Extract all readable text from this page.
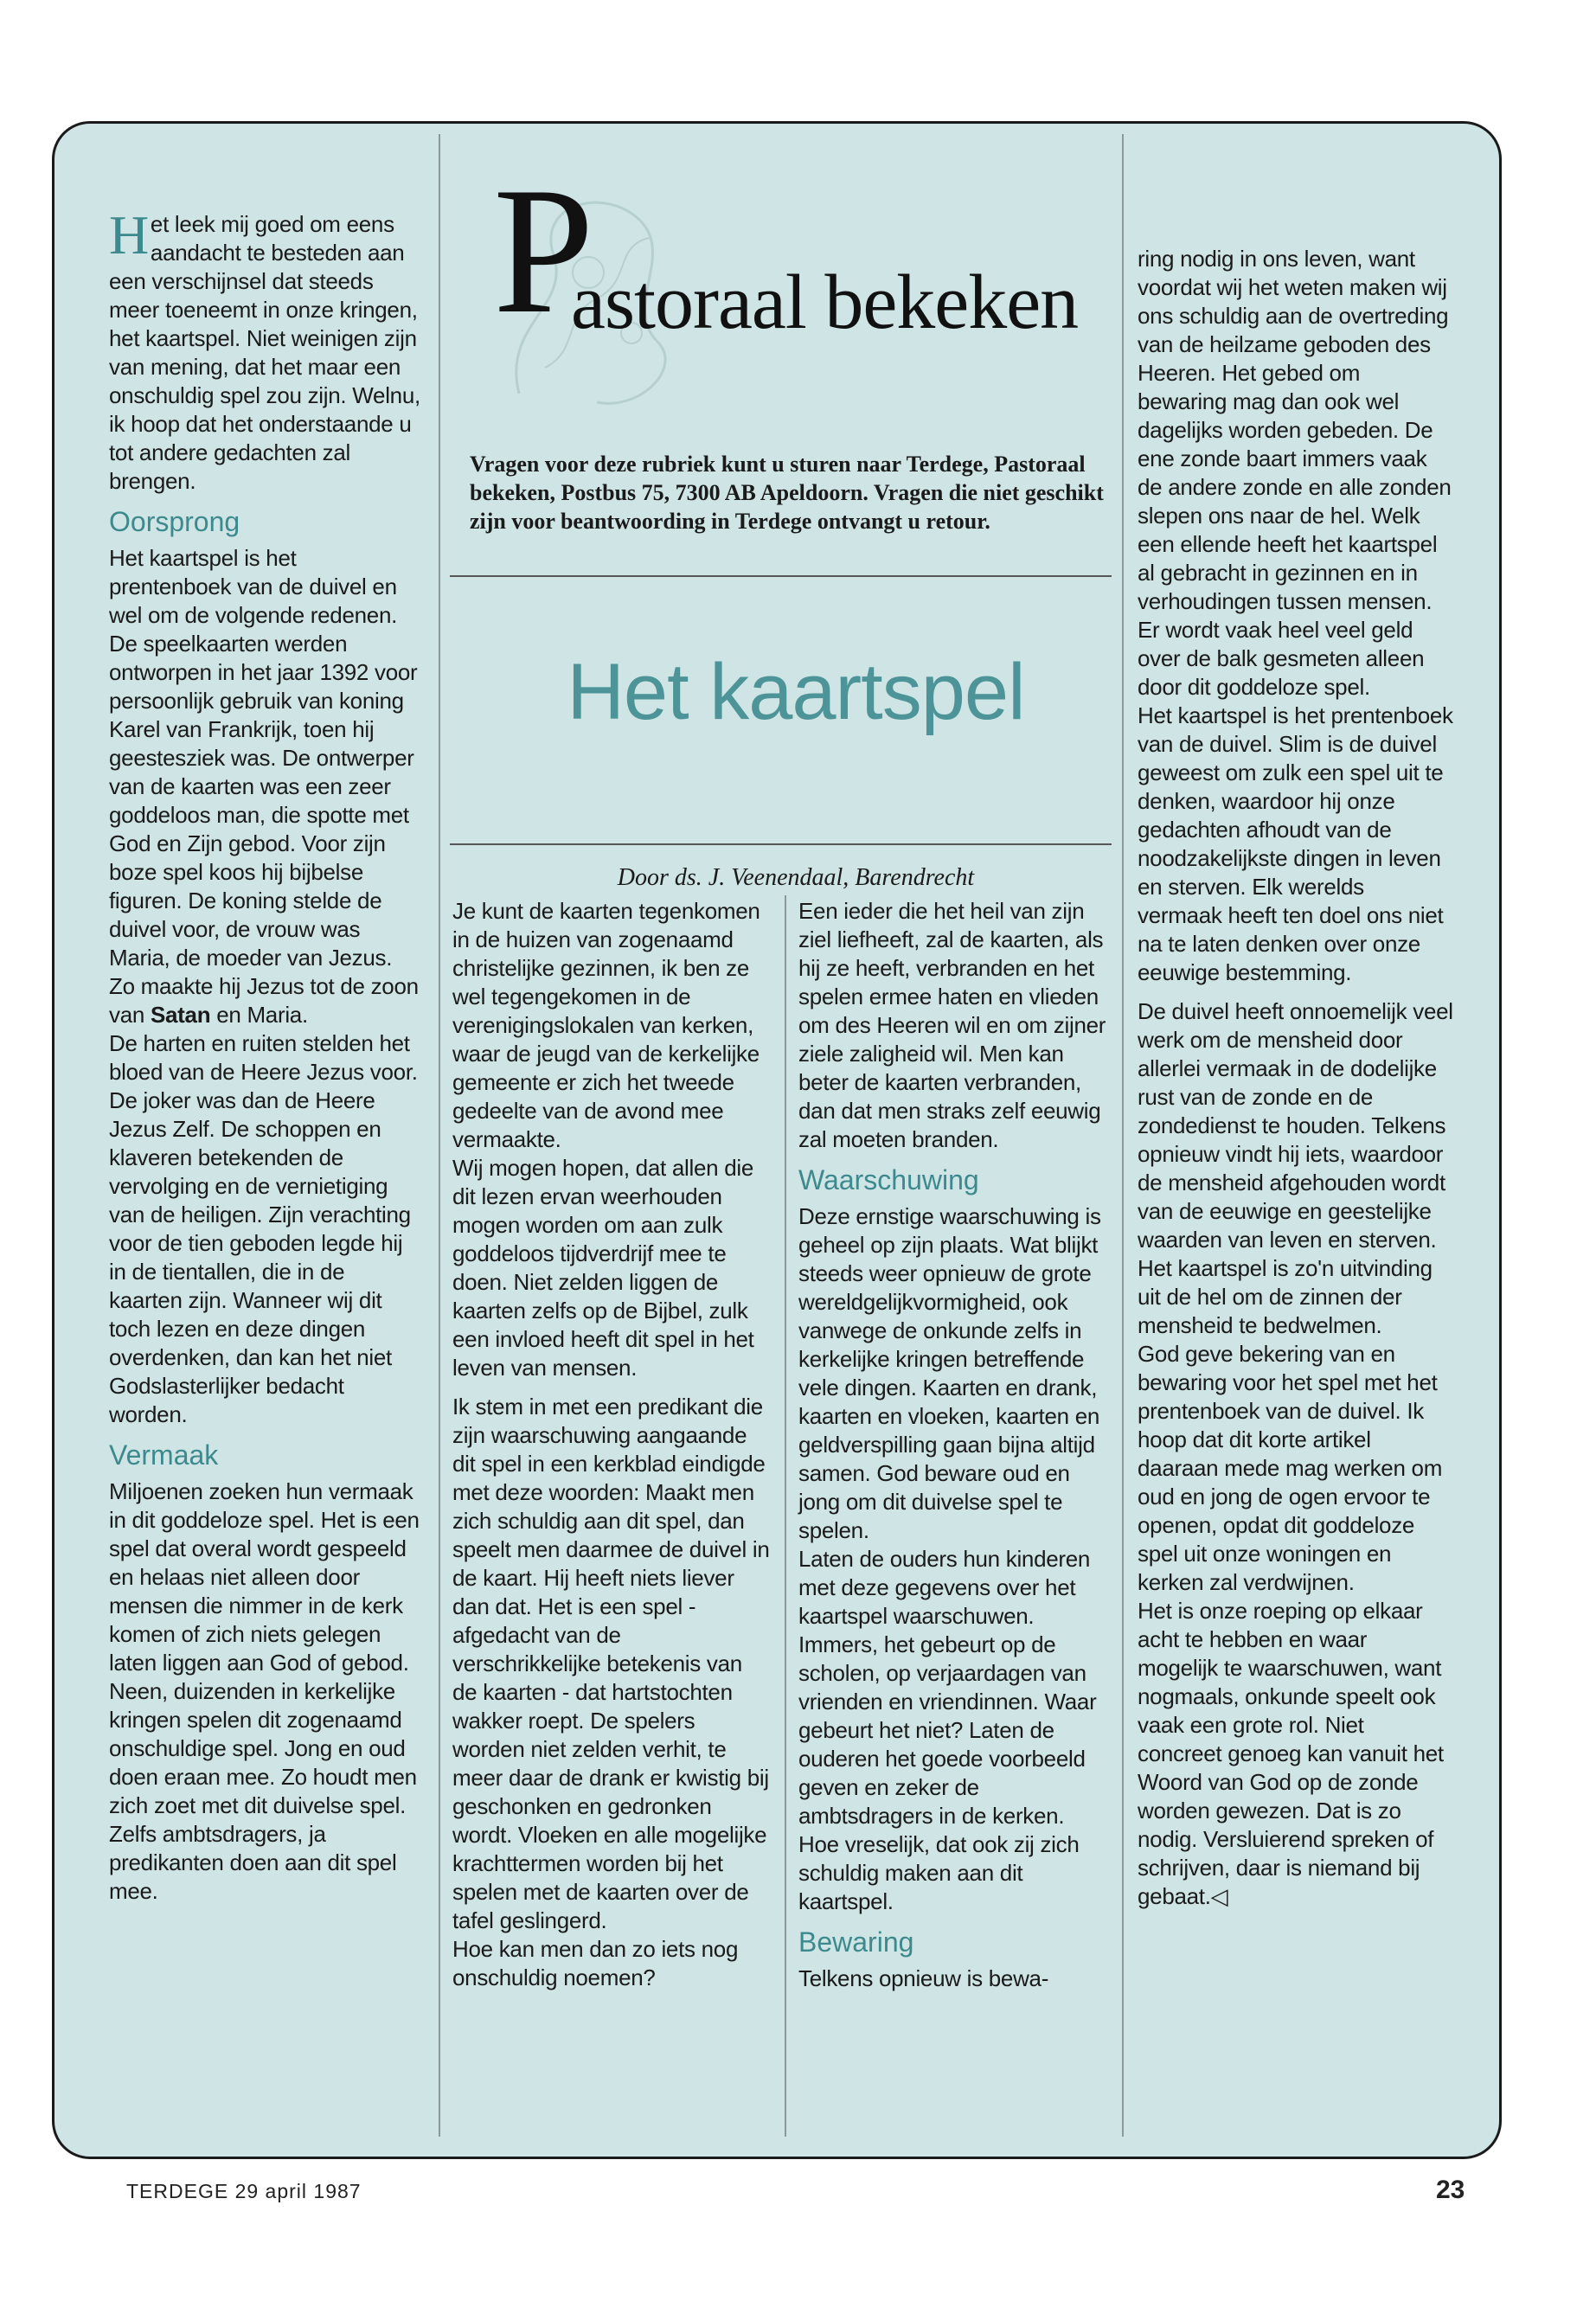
P
astoraal bekeken
Vragen voor deze rubriek kunt u sturen naar Terdege, Pastoraal bekeken, Postbus 75, 7300 AB Apeldoorn. Vragen die niet geschikt zijn voor beantwoording in Terdege ontvangt u retour.
Het kaartspel
Door ds. J. Veenendaal, Barendrecht

Het leek mij goed om eens aandacht te besteden aan een verschijnsel dat steeds meer toeneemt in onze kringen, het kaartspel. Niet weinigen zijn van mening, dat het maar een onschuldig spel zou zijn. Welnu, ik hoop dat het onderstaande u tot andere gedachten zal brengen.

Oorsprong

Het kaartspel is het prentenboek van de duivel en wel om de volgende redenen. De speelkaarten werden ontworpen in het jaar 1392 voor persoonlijk gebruik van koning Karel van Frankrijk, toen hij geestesziek was. De ontwerper van de kaarten was een zeer goddeloos man, die spotte met God en Zijn gebod. Voor zijn boze spel koos hij bijbelse figuren. De koning stelde de duivel voor, de vrouw was Maria, de moeder van Jezus. Zo maakte hij Jezus tot de zoon van Satan en Maria.

De harten en ruiten stelden het bloed van de Heere Jezus voor. De joker was dan de Heere Jezus Zelf. De schoppen en klaveren betekenden de vervolging en de vernietiging van de heiligen. Zijn verachting voor de tien geboden legde hij in de tientallen, die in de kaarten zijn. Wanneer wij dit toch lezen en deze dingen overdenken, dan kan het niet Godslasterlijker bedacht worden.

Vermaak

Miljoenen zoeken hun vermaak in dit goddeloze spel. Het is een spel dat overal wordt gespeeld en helaas niet alleen door mensen die nimmer in de kerk komen of zich niets gelegen laten liggen aan God of gebod. Neen, duizenden in kerkelijke kringen spelen dit zogenaamd onschuldige spel. Jong en oud doen eraan mee. Zo houdt men zich zoet met dit duivelse spel. Zelfs ambtsdragers, ja predikanten doen aan dit spel mee.

Je kunt de kaarten tegenkomen in de huizen van zogenaamd christelijke gezinnen, ik ben ze wel tegengekomen in de verenigingslokalen van kerken, waar de jeugd van de kerkelijke gemeente er zich het tweede gedeelte van de avond mee vermaakte.

Wij mogen hopen, dat allen die dit lezen ervan weerhouden mogen worden om aan zulk goddeloos tijdverdrijf mee te doen. Niet zelden liggen de kaarten zelfs op de Bijbel, zulk een invloed heeft dit spel in het leven van mensen.

Ik stem in met een predikant die zijn waarschuwing aangaande dit spel in een kerkblad eindigde met deze woorden: Maakt men zich schuldig aan dit spel, dan speelt men daarmee de duivel in de kaart. Hij heeft niets liever dan dat. Het is een spel - afgedacht van de verschrikkelijke betekenis van de kaarten - dat hartstochten wakker roept. De spelers worden niet zelden verhit, te meer daar de drank er kwistig bij geschonken en gedronken wordt. Vloeken en alle mogelijke krachttermen worden bij het spelen met de kaarten over de tafel geslingerd.

Hoe kan men dan zo iets nog onschuldig noemen?

Een ieder die het heil van zijn ziel liefheeft, zal de kaarten, als hij ze heeft, verbranden en het spelen ermee haten en vlieden om des Heeren wil en om zijner ziele zaligheid wil. Men kan beter de kaarten verbranden, dan dat men straks zelf eeuwig zal moeten branden.

Waarschuwing

Deze ernstige waarschuwing is geheel op zijn plaats. Wat blijkt steeds weer opnieuw de grote wereldgelijkvormigheid, ook vanwege de onkunde zelfs in kerkelijke kringen betreffende vele dingen. Kaarten en drank, kaarten en vloeken, kaarten en geldverspilling gaan bijna altijd samen. God beware oud en jong om dit duivelse spel te spelen.

Laten de ouders hun kinderen met deze gegevens over het kaartspel waarschuwen. Immers, het gebeurt op de scholen, op verjaardagen van vrienden en vriendinnen. Waar gebeurt het niet? Laten de ouderen het goede voorbeeld geven en zeker de ambtsdragers in de kerken. Hoe vreselijk, dat ook zij zich schuldig maken aan dit kaartspel.

Bewaring

Telkens opnieuw is bewa-

ring nodig in ons leven, want voordat wij het weten maken wij ons schuldig aan de overtreding van de heilzame geboden des Heeren. Het gebed om bewaring mag dan ook wel dagelijks worden gebeden. De ene zonde baart immers vaak de andere zonde en alle zonden slepen ons naar de hel. Welk een ellende heeft het kaartspel al gebracht in gezinnen en in verhoudingen tussen mensen. Er wordt vaak heel veel geld over de balk gesmeten alleen door dit goddeloze spel.

Het kaartspel is het prentenboek van de duivel. Slim is de duivel geweest om zulk een spel uit te denken, waardoor hij onze gedachten afhoudt van de noodzakelijkste dingen in leven en sterven. Elk werelds vermaak heeft ten doel ons niet na te laten denken over onze eeuwige bestemming.

De duivel heeft onnoemelijk veel werk om de mensheid door allerlei vermaak in de dodelijke rust van de zonde en de zondedienst te houden. Telkens opnieuw vindt hij iets, waardoor de mensheid afgehouden wordt van de eeuwige en geestelijke waarden van leven en sterven. Het kaartspel is zo'n uitvinding uit de hel om de zinnen der mensheid te bedwelmen.

God geve bekering van en bewaring voor het spel met het prentenboek van de duivel. Ik hoop dat dit korte artikel daaraan mede mag werken om oud en jong de ogen ervoor te openen, opdat dit goddeloze spel uit onze woningen en kerken zal verdwijnen.

Het is onze roeping op elkaar acht te hebben en waar mogelijk te waarschuwen, want nogmaals, onkunde speelt ook vaak een grote rol. Niet concreet genoeg kan vanuit het Woord van God op de zonde worden gewezen. Dat is zo nodig. Versluierend spreken of schrijven, daar is niemand bij gebaat.◁

TERDEGE 29 april 1987	23
